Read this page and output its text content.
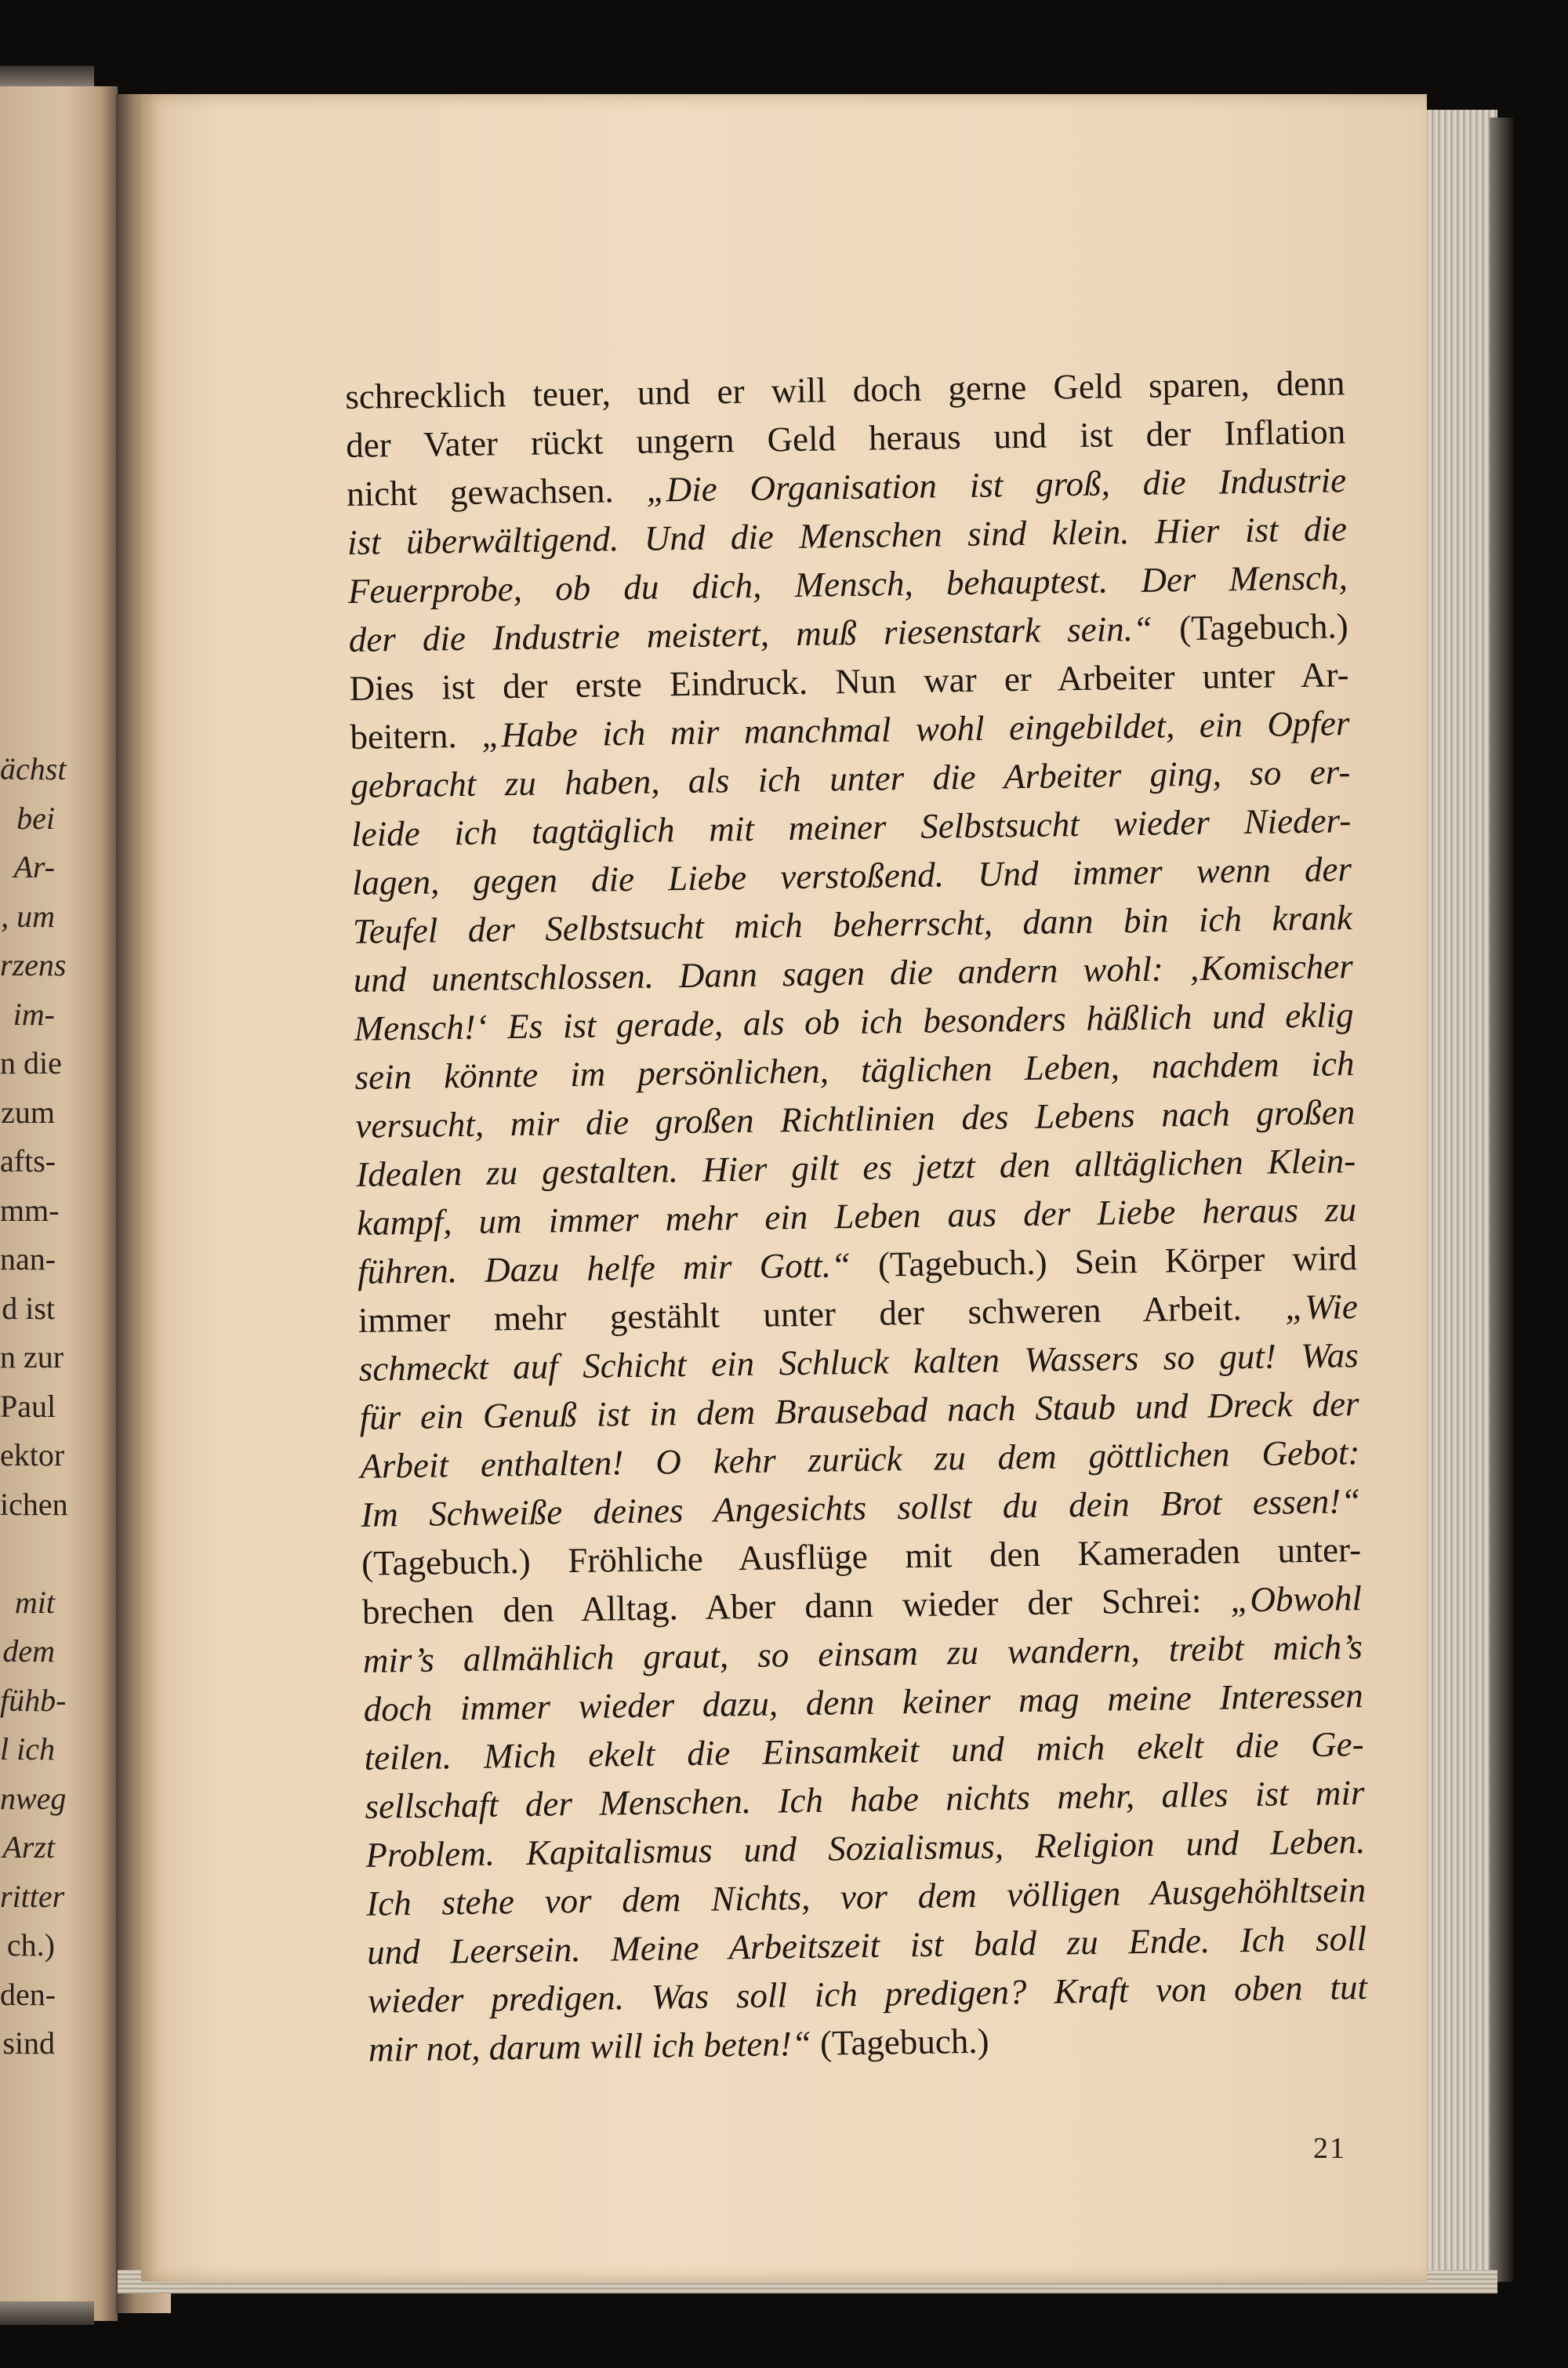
ächst
bei
Ar-
, um
rzens
im-
n die
zum
afts-
mm-
nan-
d ist
n zur
Paul
ektor
ichen
mit
dem
fühb-
l ich
nweg
Arzt
ritter
ch.)
den-
sind
schrecklich teuer, und er will doch gerne Geld sparen, denn
der Vater rückt ungern Geld heraus und ist der Inflation
nicht gewachsen. „Die Organisation ist groß, die Industrie
ist überwältigend. Und die Menschen sind klein. Hier ist die
Feuerprobe, ob du dich, Mensch, behauptest. Der Mensch,
der die Industrie meistert, muß riesenstark sein.“ (Tagebuch.)
Dies ist der erste Eindruck. Nun war er Arbeiter unter Ar-
beitern. „Habe ich mir manchmal wohl eingebildet, ein Opfer
gebracht zu haben, als ich unter die Arbeiter ging, so er-
leide ich tagtäglich mit meiner Selbstsucht wieder Nieder-
lagen, gegen die Liebe verstoßend. Und immer wenn der
Teufel der Selbstsucht mich beherrscht, dann bin ich krank
und unentschlossen. Dann sagen die andern wohl: ‚Komischer
Mensch!‘ Es ist gerade, als ob ich besonders häßlich und eklig
sein könnte im persönlichen, täglichen Leben, nachdem ich
versucht, mir die großen Richtlinien des Lebens nach großen
Idealen zu gestalten. Hier gilt es jetzt den alltäglichen Klein-
kampf, um immer mehr ein Leben aus der Liebe heraus zu
führen. Dazu helfe mir Gott.“ (Tagebuch.) Sein Körper wird
immer mehr gestählt unter der schweren Arbeit. „Wie
schmeckt auf Schicht ein Schluck kalten Wassers so gut! Was
für ein Genuß ist in dem Brausebad nach Staub und Dreck der
Arbeit enthalten! O kehr zurück zu dem göttlichen Gebot:
Im Schweiße deines Angesichts sollst du dein Brot essen!“
(Tagebuch.) Fröhliche Ausflüge mit den Kameraden unter-
brechen den Alltag. Aber dann wieder der Schrei: „Obwohl
mir’s allmählich graut, so einsam zu wandern, treibt mich’s
doch immer wieder dazu, denn keiner mag meine Interessen
teilen. Mich ekelt die Einsamkeit und mich ekelt die Ge-
sellschaft der Menschen. Ich habe nichts mehr, alles ist mir
Problem. Kapitalismus und Sozialismus, Religion und Leben.
Ich stehe vor dem Nichts, vor dem völligen Ausgehöhltsein
und Leersein. Meine Arbeitszeit ist bald zu Ende. Ich soll
wieder predigen. Was soll ich predigen? Kraft von oben tut
mir not, darum will ich beten!“ (Tagebuch.)
21
